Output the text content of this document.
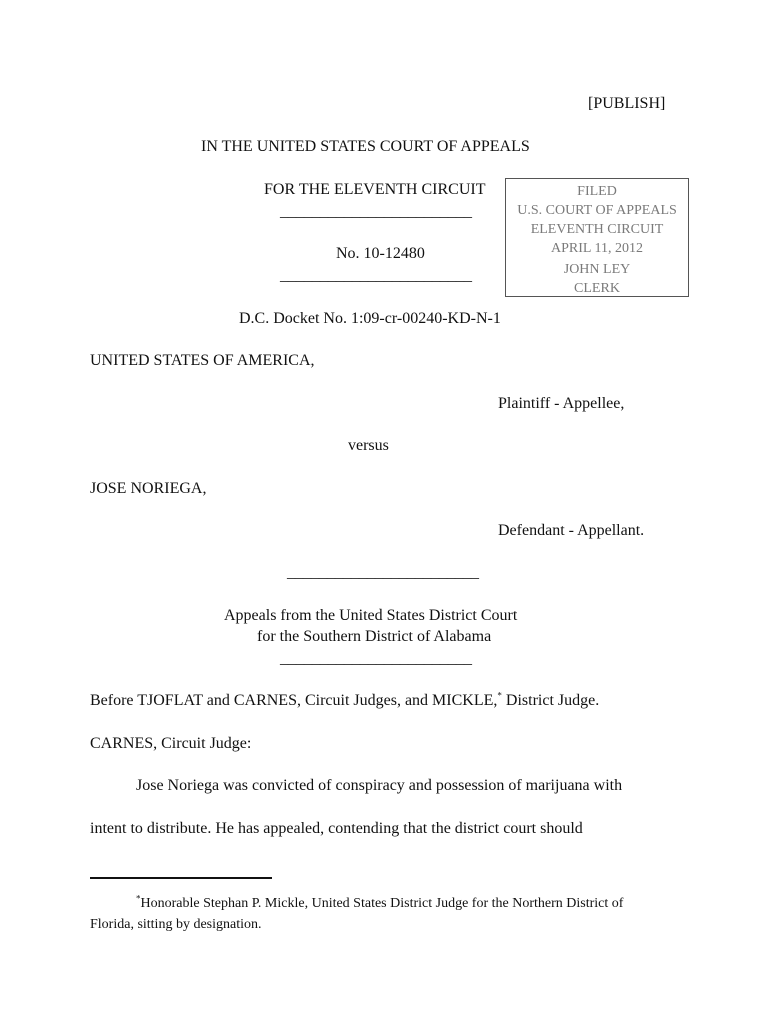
[PUBLISH]
IN THE UNITED STATES COURT OF APPEALS
FOR THE ELEVENTH CIRCUIT
________________________
No. 10-12480
________________________
FILED
U.S. COURT OF APPEALS
ELEVENTH CIRCUIT
APRIL 11, 2012
JOHN LEY
CLERK
D.C. Docket No. 1:09-cr-00240-KD-N-1
UNITED STATES OF AMERICA,
Plaintiff - Appellee,
versus
JOSE NORIEGA,
Defendant - Appellant.
________________________
Appeals from the United States District Court
for the Southern District of Alabama
________________________
Before TJOFLAT and CARNES, Circuit Judges, and MICKLE,* District Judge.
CARNES, Circuit Judge:
Jose Noriega was convicted of conspiracy and possession of marijuana with
intent to distribute. He has appealed, contending that the district court should
*Honorable Stephan P. Mickle, United States District Judge for the Northern District of
Florida, sitting by designation.
